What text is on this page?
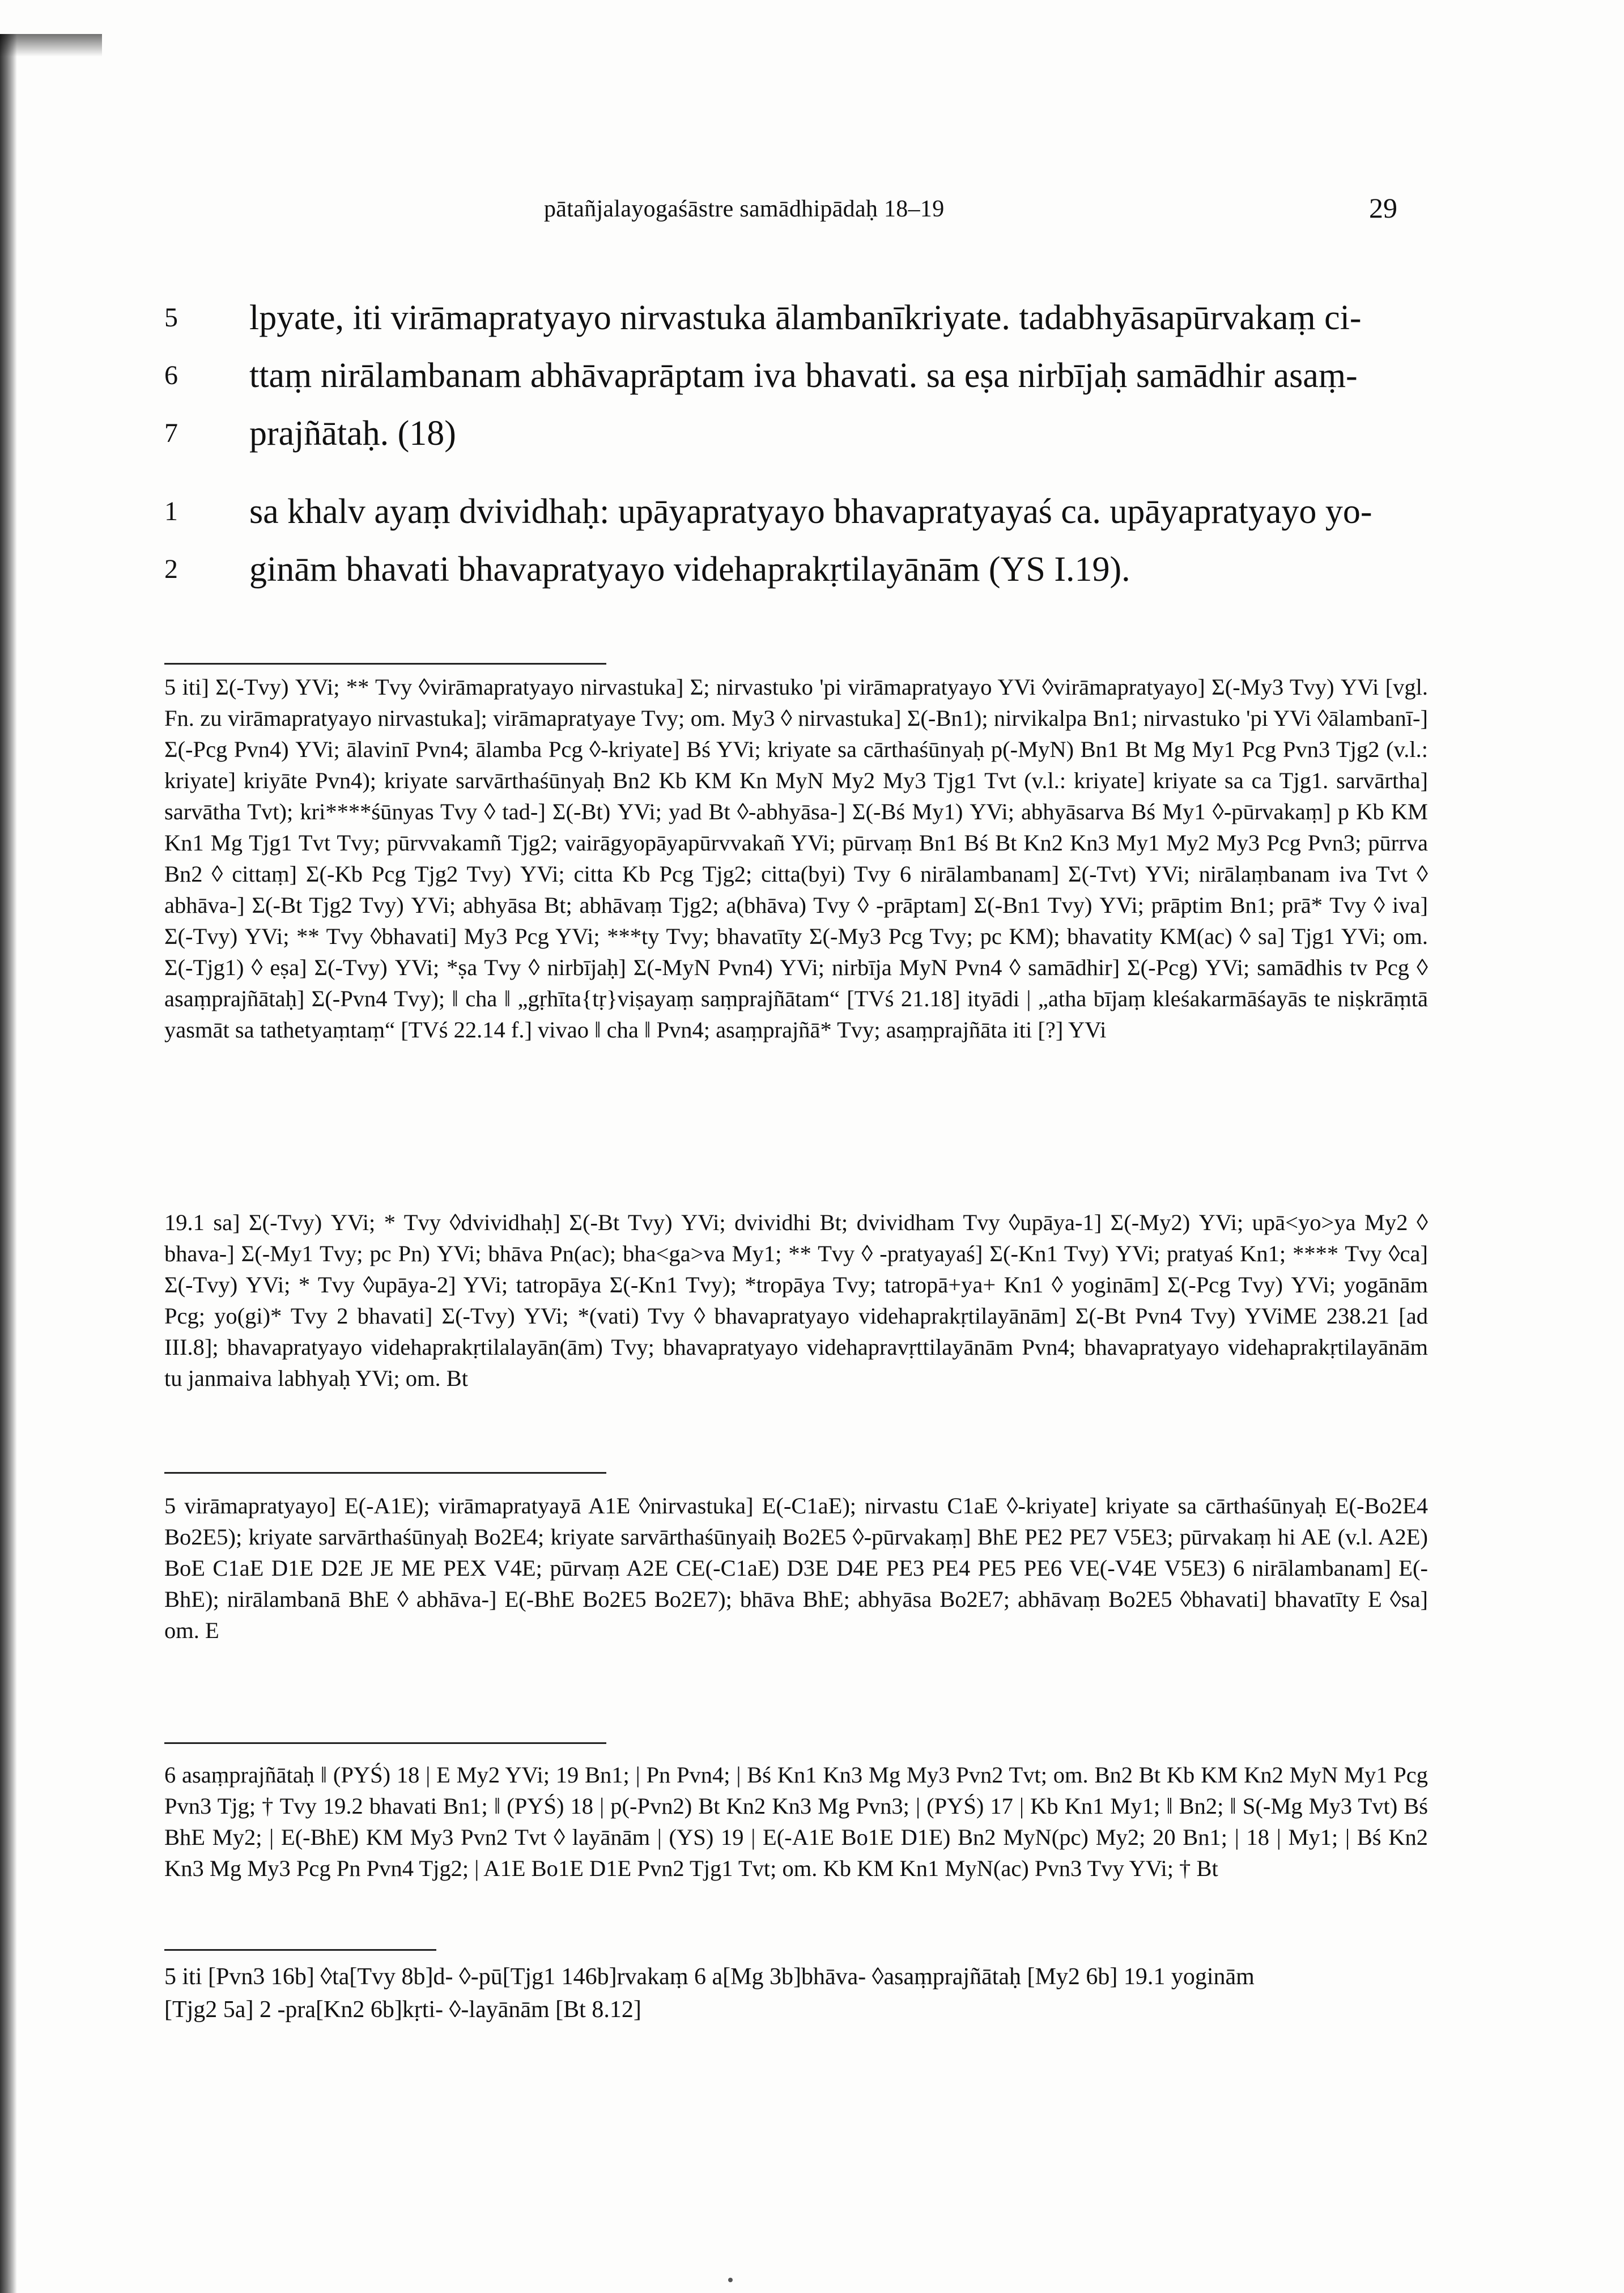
pātañjalayogaśāstre samādhipādaḥ 18–19	29
5 lpyate, iti virāmapratyayo nirvastuka ālambanīkriyate. tadabhyāsapūrvakaṃ ci-
6 ttaṃ nirālambanam abhāvaprāptam iva bhavati. sa eṣa nirbījaḥ samādhir asaṃ-
7 prajñātaḥ. (18)
1 sa khalv ayaṃ dvividhaḥ: upāyapratyayo bhavapratyayaś ca. upāyapratyayo yo-
2 ginām bhavati bhavapratyayo videhaprakṛtilayānām (YS I.19).

5 iti] Σ(-Tvy) YVi; ** Tvy ◊virāmapratyayo nirvastuka] Σ; nirvastuko 'pi virāmapratyayo YVi ◊virāmapratyayo] Σ(-My3 Tvy) YVi [vgl. Fn. zu virāmapratyayo nirvastuka]; virāmapratyaye Tvy; om. My3 ◊ nirvastuka] Σ(-Bn1); nirvikalpa Bn1; nirvastuko 'pi YVi ◊ālambanī-] Σ(-Pcg Pvn4) YVi; ālavinī Pvn4; ālamba Pcg ◊-kriyate] Bś YVi; kriyate sa cārthaśūnyaḥ p(-MyN) Bn1 Bt Mg My1 Pcg Pvn3 Tjg2 (v.l.: kriyate] kriyāte Pvn4); kriyate sarvārthaśūnyaḥ Bn2 Kb KM Kn MyN My2 My3 Tjg1 Tvt (v.l.: kriyate] kriyate sa ca Tjg1. sarvārtha] sarvātha Tvt); kri****śūnyas Tvy ◊ tad-] Σ(-Bt) YVi; yad Bt ◊-abhyāsa-] Σ(-Bś My1) YVi; abhyāsarva Bś My1 ◊-pūrvakaṃ] p Kb KM Kn1 Mg Tjg1 Tvt Tvy; pūrvvakamñ Tjg2; vairāgyopāyapūrvvakañ YVi; pūrvaṃ Bn1 Bś Bt Kn2 Kn3 My1 My2 My3 Pcg Pvn3; pūrrva Bn2 ◊ cittaṃ] Σ(-Kb Pcg Tjg2 Tvy) YVi; citta Kb Pcg Tjg2; citta(byi) Tvy 6 nirālambanam] Σ(-Tvt) YVi; nirālaṃbanam iva Tvt ◊ abhāva-] Σ(-Bt Tjg2 Tvy) YVi; abhyāsa Bt; abhāvaṃ Tjg2; a(bhāva) Tvy ◊ -prāptam] Σ(-Bn1 Tvy) YVi; prāptim Bn1; prā* Tvy ◊ iva] Σ(-Tvy) YVi; ** Tvy ◊bhavati] My3 Pcg YVi; ***ty Tvy; bhavatīty Σ(-My3 Pcg Tvy; pc KM); bhavatity KM(ac) ◊ sa] Tjg1 YVi; om. Σ(-Tjg1) ◊ eṣa] Σ(-Tvy) YVi; *ṣa Tvy ◊ nirbījaḥ] Σ(-MyN Pvn4) YVi; nirbīja MyN Pvn4 ◊ samādhir] Σ(-Pcg) YVi; samādhis tv Pcg ◊ asaṃprajñātaḥ] Σ(-Pvn4 Tvy); ‖ cha ‖ „gṛhīta{tṛ}viṣayaṃ saṃprajñātam“ [TVś 21.18] ityādi | „atha bījaṃ kleśakarmāśayās te niṣkrāṃtā yasmāt sa tathetyaṃtaṃ“ [TVś 22.14 f.] vivao ‖ cha ‖ Pvn4; asaṃprajñā* Tvy; asaṃprajñāta iti [?] YVi

19.1 sa] Σ(-Tvy) YVi; * Tvy ◊dvividhaḥ] Σ(-Bt Tvy) YVi; dvividhi Bt; dvividham Tvy ◊upāya-1] Σ(-My2) YVi; upā<yo>ya My2 ◊ bhava-] Σ(-My1 Tvy; pc Pn) YVi; bhāva Pn(ac); bha<ga>va My1; ** Tvy ◊ -pratyayaś] Σ(-Kn1 Tvy) YVi; pratyaś Kn1; **** Tvy ◊ca] Σ(-Tvy) YVi; * Tvy ◊upāya-2] YVi; tatropāya Σ(-Kn1 Tvy); *tropāya Tvy; tatropā+ya+ Kn1 ◊ yoginām] Σ(-Pcg Tvy) YVi; yogānām Pcg; yo(gi)* Tvy 2 bhavati] Σ(-Tvy) YVi; *(vati) Tvy ◊ bhavapratyayo videhaprakṛtilayānām] Σ(-Bt Pvn4 Tvy) YViME 238.21 [ad III.8]; bhavapratyayo videhaprakṛtilalayān(ām) Tvy; bhavapratyayo videhapravṛttilayānām Pvn4; bhavapratyayo videhaprakṛtilayānām tu janmaiva labhyaḥ YVi; om. Bt

5 virāmapratyayo] E(-A1E); virāmapratyayā A1E ◊nirvastuka] E(-C1aE); nirvastu C1aE ◊-kriyate] kriyate sa cārthaśūnyaḥ E(-Bo2E4 Bo2E5); kriyate sarvārthaśūnyaḥ Bo2E4; kriyate sarvārthaśūnyaiḥ Bo2E5 ◊-pūrvakaṃ] BhE PE2 PE7 V5E3; pūrvakaṃ hi AE (v.l. A2E) BoE C1aE D1E D2E JE ME PEX V4E; pūrvaṃ A2E CE(-C1aE) D3E D4E PE3 PE4 PE5 PE6 VE(-V4E V5E3) 6 nirālambanam] E(-BhE); nirālambanā BhE ◊ abhāva-] E(-BhE Bo2E5 Bo2E7); bhāva BhE; abhyāsa Bo2E7; abhāvaṃ Bo2E5 ◊bhavati] bhavatīty E ◊sa] om. E

6 asaṃprajñātaḥ ‖ (PYŚ) 18 | E My2 YVi; 19 Bn1; | Pn Pvn4; | Bś Kn1 Kn3 Mg My3 Pvn2 Tvt; om. Bn2 Bt Kb KM Kn2 MyN My1 Pcg Pvn3 Tjg; † Tvy 19.2 bhavati Bn1; ‖ (PYŚ) 18 | p(-Pvn2) Bt Kn2 Kn3 Mg Pvn3; | (PYŚ) 17 | Kb Kn1 My1; ‖ Bn2; ‖ S(-Mg My3 Tvt) Bś BhE My2; | E(-BhE) KM My3 Pvn2 Tvt ◊ layānām | (YS) 19 | E(-A1E Bo1E D1E) Bn2 MyN(pc) My2; 20 Bn1; | 18 | My1; | Bś Kn2 Kn3 Mg My3 Pcg Pn Pvn4 Tjg2; | A1E Bo1E D1E Pvn2 Tjg1 Tvt; om. Kb KM Kn1 MyN(ac) Pvn3 Tvy YVi; † Bt

5 iti [Pvn3 16b] ◊ta[Tvy 8b]d- ◊-pū[Tjg1 146b]rvakaṃ 6 a[Mg 3b]bhāva- ◊asaṃprajñātaḥ [My2 6b] 19.1 yoginām

[Tjg2 5a] 2 -pra[Kn2 6b]kṛti- ◊-layānām [Bt 8.12]
